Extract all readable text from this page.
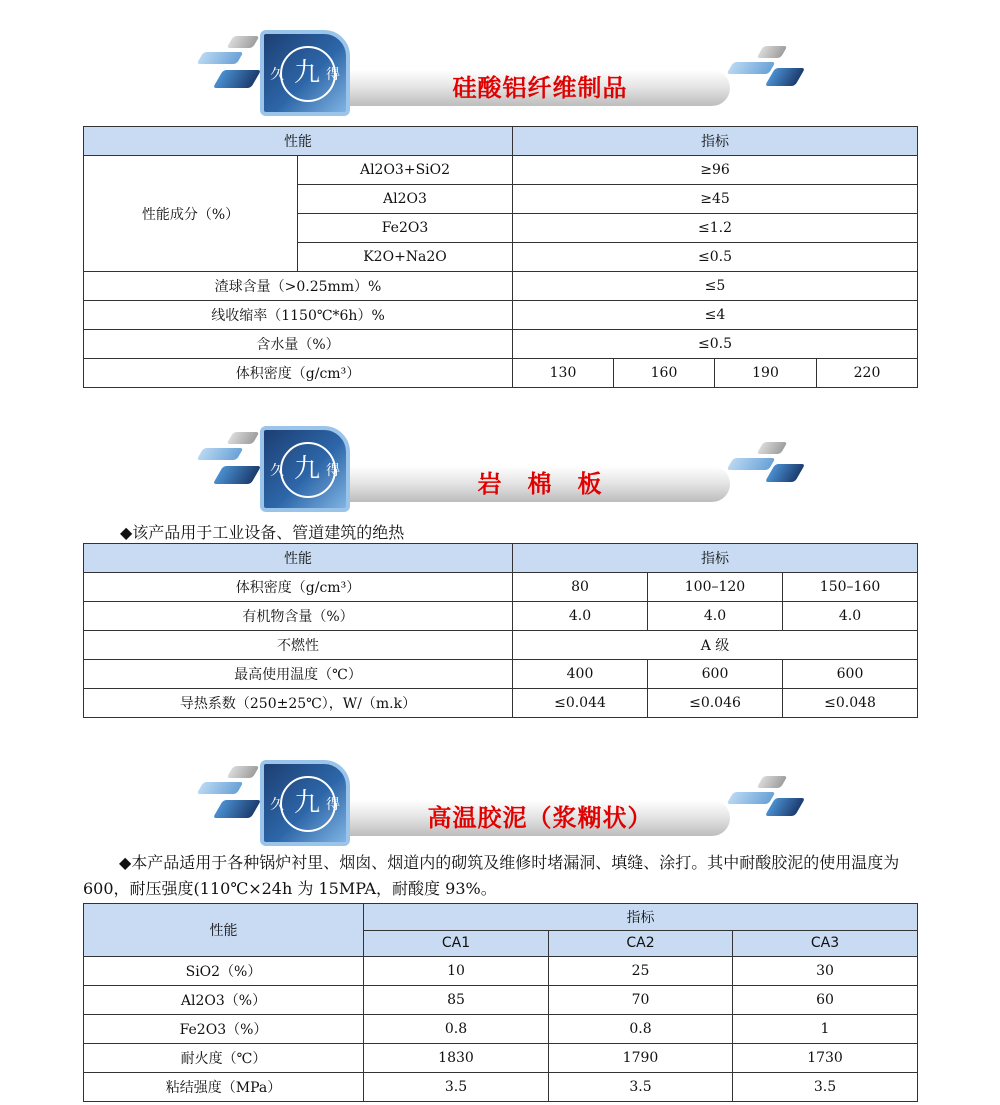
硅酸铝纤维制品
九
久	得
性能		指标			
性能成分（%）	Al2O3+SiO2	≥96			
	Al2O3	≥45			
	Fe2O3	≤1.2			
	K2O+Na2O	≤0.5			
渣球含量（>0.25mm）%		≤5			
线收缩率（1150℃*6h）%		≤4			
含水量（%）		≤0.5			
体积密度（g/cm³）		130	160	190	220
岩　棉　板
九
久	得
◆该产品用于工业设备、管道建筑的绝热
性能	指标		
体积密度（g/cm³）	80	100–120	150–160
有机物含量（%）	4.0	4.0	4.0
不燃性	A 级		
最高使用温度（℃）	400	600	600
导热系数（250±25℃），W/（m.k）	≤0.044	≤0.046	≤0.048
高温胶泥（浆糊状）
九
久	得
◆本产品适用于各种锅炉衬里、烟囱、烟道内的砌筑及维修时堵漏洞、填缝、涂打。其中耐酸胶泥的使用温度为 600，耐压强度(110℃×24h 为 15MPA，耐酸度 93%。
性能	指标		
	CA1	CA2	CA3
SiO2（%）	10	25	30
Al2O3（%）	85	70	60
Fe2O3（%）	0.8	0.8	1
耐火度（℃）	1830	1790	1730
粘结强度（MPa）	3.5	3.5	3.5
